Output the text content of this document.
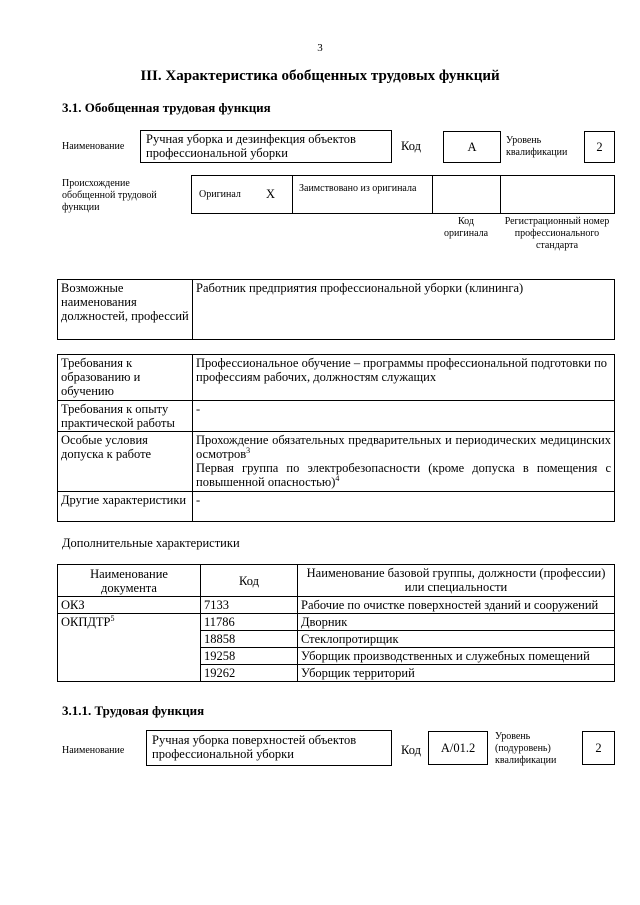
3
III. Характеристика обобщенных трудовых функций
3.1. Обобщенная трудовая функция
Наименование
Ручная уборка и дезинфекция объектов профессиональной уборки	Код	A	Уровень квалификации	2
Происхождение обобщенной трудовой функции
Оригинал X Заимствовано из оригинала
Код оригинала
Регистрационный номер профессионального стандарта
Возможные наименования должностей, профессий	Работник предприятия профессиональной уборки (клининга)
Требования к образованию и обучению	Профессиональное обучение – программы профессиональной подготовки по профессиям рабочих, должностям служащих
Требования к опыту практической работы	-
Особые условия допуска к работе	Прохождение обязательных предварительных и периодических медицинских осмотров$^3$
Первая группа по электробезопасности (кроме допуска в помещения с повышенной опасностью)$^4$

Другие характеристики	-
Дополнительные характеристики
Наименование документа	Код	Наименование базовой группы, должности (профессии) или специальности
ОКЗ	7133	Рабочие по очистке поверхностей зданий и сооружений
ОКПДТР$^5$	11786	Дворник
	18858	Стеклопротирщик
	19258	Уборщик производственных и служебных помещений
	19262	Уборщик территорий
3.1.1. Трудовая функция
Наименование
Ручная уборка поверхностей объектов профессиональной уборки	Код	A/01.2
Уровень (подуровень) квалификации
2
